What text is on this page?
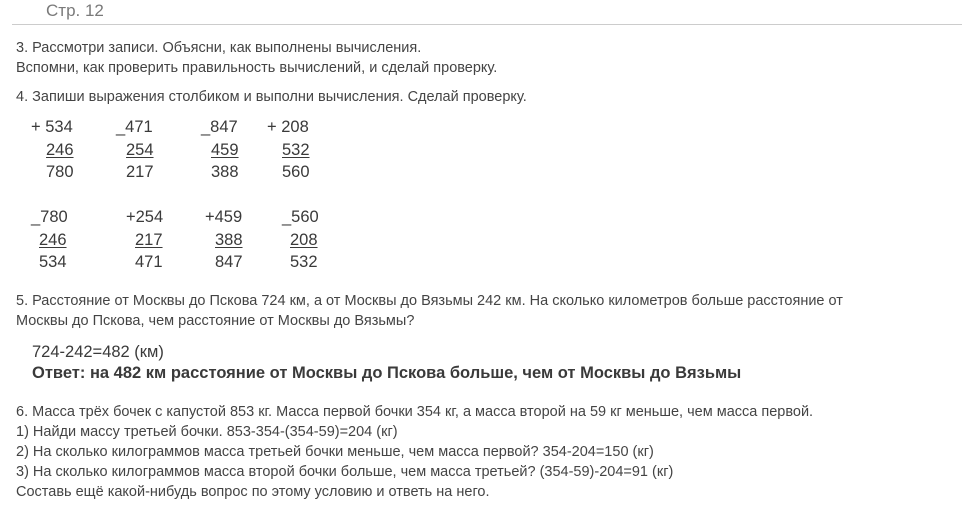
Стр. 12
3. Рассмотри записи. Объясни, как выполнены вычисления.
Вспомни, как проверить правильность вычислений, и сделай проверку.
4. Запиши выражения столбиком и выполни вычисления. Сделай проверку.
+ 534
246
780
_471
254
217
_847
459
388
+ 208
532
560
_780
246
534
+254
217
471
+459
388
847
_560
208
532
5. Расстояние от Москвы до Пскова 724 км, а от Москвы до Вязьмы 242 км. На сколько километров больше расстояние от
Москвы до Пскова, чем расстояние от Москвы до Вязьмы?
724-242=482 (км)
Ответ: на 482 км расстояние от Москвы до Пскова больше, чем от Москвы до Вязьмы
6. Масса трёх бочек с капустой 853 кг. Масса первой бочки 354 кг, а масса второй на 59 кг меньше, чем масса первой.
1) Найди массу третьей бочки. 853-354-(354-59)=204 (кг)
2) На сколько килограммов масса третьей бочки меньше, чем масса первой? 354-204=150 (кг)
3) На сколько килограммов масса второй бочки больше, чем масса третьей? (354-59)-204=91 (кг)
Составь ещё какой-нибудь вопрос по этому условию и ответь на него.
